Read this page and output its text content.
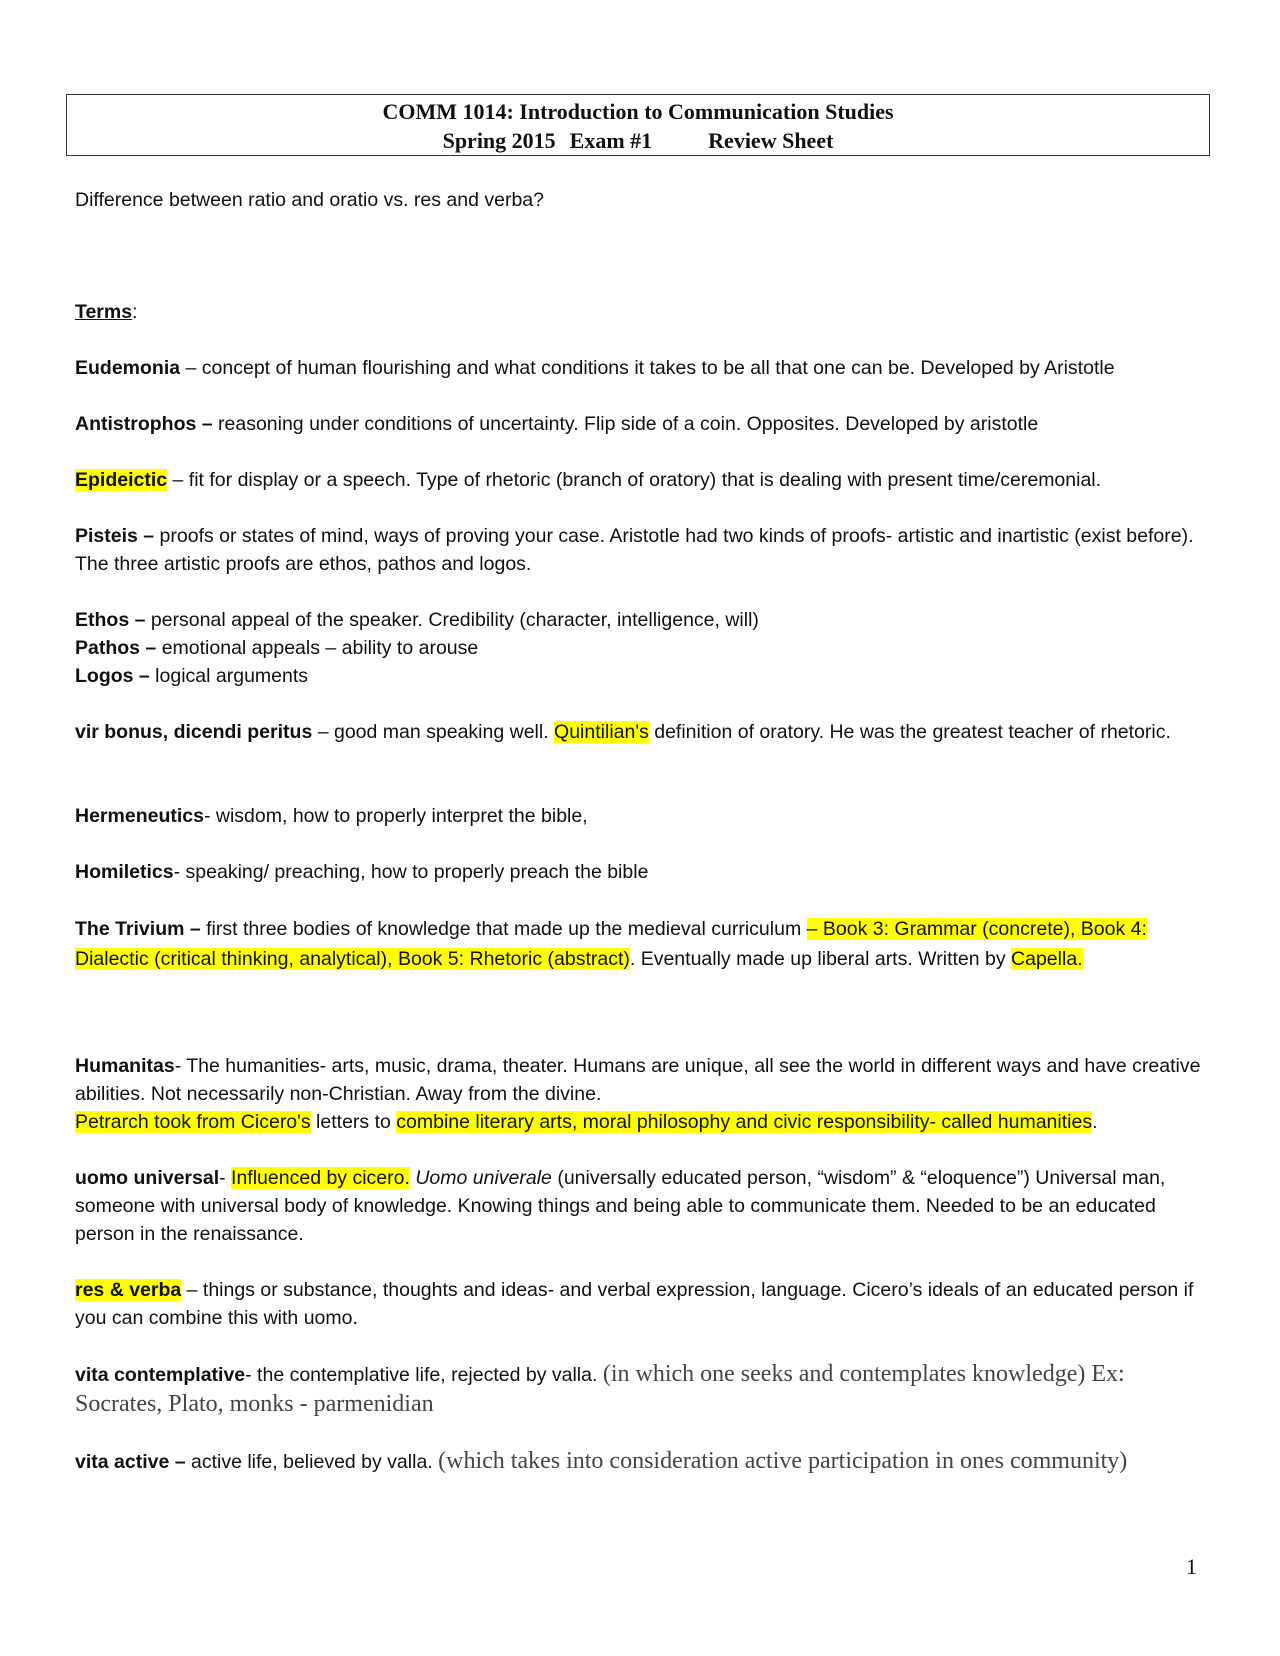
COMM 1014: Introduction to Communication Studies
Spring 2015 Exam #1	Review Sheet

Difference between ratio and oratio vs. res and verba?

Terms:

Eudemonia – concept of human flourishing and what conditions it takes to be all that one can be. Developed by Aristotle

Antistrophos – reasoning under conditions of uncertainty. Flip side of a coin. Opposites. Developed by aristotle

Epideictic – fit for display or a speech. Type of rhetoric (branch of oratory) that is dealing with present time/ceremonial.

Pisteis – proofs or states of mind, ways of proving your case. Aristotle had two kinds of proofs- artistic and inartistic (exist before). The three artistic proofs are ethos, pathos and logos.

Ethos – personal appeal of the speaker. Credibility (character, intelligence, will)

Pathos – emotional appeals – ability to arouse

Logos – logical arguments

vir bonus, dicendi peritus – good man speaking well. Quintilian's definition of oratory. He was the greatest teacher of rhetoric.

Hermeneutics- wisdom, how to properly interpret the bible,

Homiletics- speaking/ preaching, how to properly preach the bible

The Trivium – first three bodies of knowledge that made up the medieval curriculum – Book 3: Grammar (concrete), Book 4: Dialectic (critical thinking, analytical), Book 5: Rhetoric (abstract). Eventually made up liberal arts. Written by Capella.

Humanitas- The humanities- arts, music, drama, theater. Humans are unique, all see the world in different ways and have creative abilities. Not necessarily non-Christian. Away from the divine.

Petrarch took from Cicero's letters to combine literary arts, moral philosophy and civic responsibility- called humanities.

uomo universal- Influenced by cicero. Uomo univerale (universally educated person, “wisdom” & “eloquence”) Universal man, someone with universal body of knowledge. Knowing things and being able to communicate them. Needed to be an educated person in the renaissance.

res & verba – things or substance, thoughts and ideas- and verbal expression, language. Cicero’s ideals of an educated person if you can combine this with uomo.

vita contemplative- the contemplative life, rejected by valla. (in which one seeks and contemplates knowledge) Ex: Socrates, Plato, monks - parmenidian

vita active – active life, believed by valla. (which takes into consideration active participation in ones community)

1
